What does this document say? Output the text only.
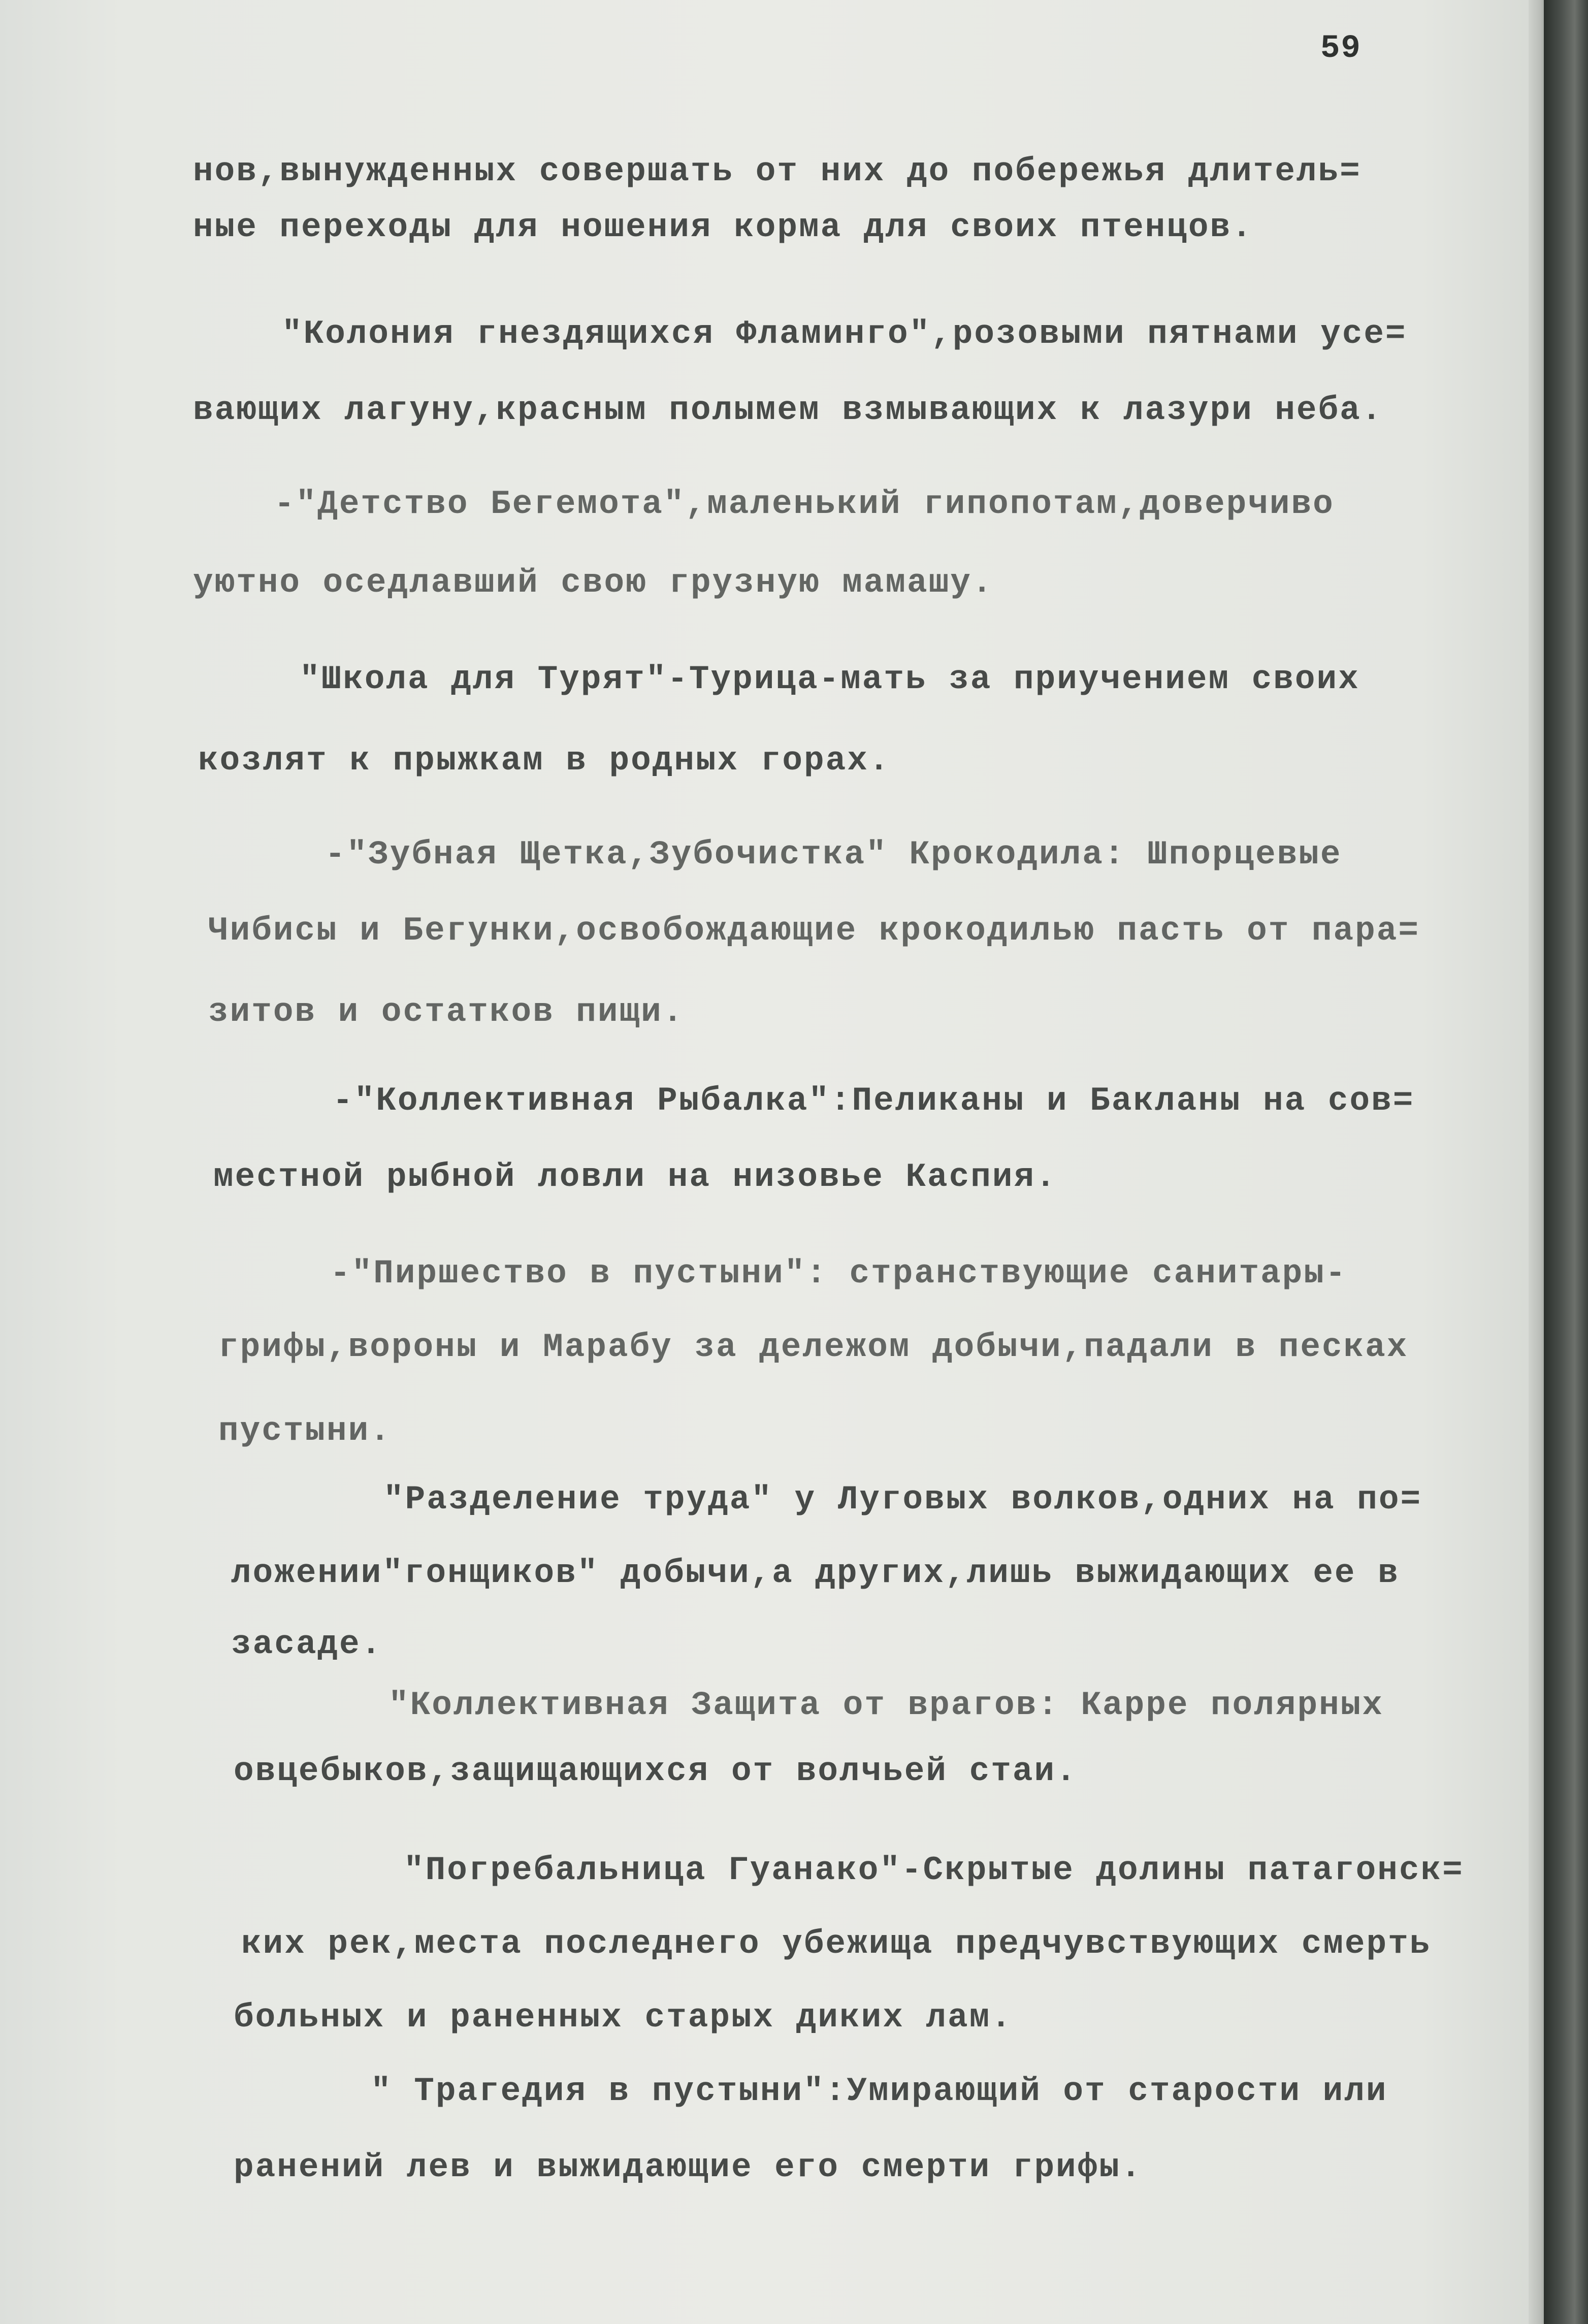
59
нов,вынужденных совершать от них до побережья длитель=
ные переходы для ношения корма для своих птенцов.
"Колония гнездящихся Фламинго",розовыми пятнами усе=
вающих лагуну,красным полымем взмывающих к лазури неба.
-"Детство Бегемота",маленький гипопотам,доверчиво
уютно оседлавший свою грузную мамашу.
"Школа для Турят"-Турица-мать за приучением своих
козлят к прыжкам в родных горах.
-"Зубная Щетка,Зубочистка" Крокодила: Шпорцевые
Чибисы и Бегунки,освобождающие крокодилью пасть от пара=
зитов и остатков пищи.
-"Коллективная Рыбалка":Пеликаны и Бакланы на сов=
местной рыбной ловли на низовье Каспия.
-"Пиршество в пустыни": странствующие санитары-
грифы,вороны и Марабу за дележом добычи,падали в песках
пустыни.
"Разделение труда" у Луговых волков,одних на по=
ложении"гонщиков" добычи,а других,лишь выжидающих ее в
засаде.
"Коллективная Защита от врагов: Карре полярных
овцебыков,защищающихся от волчьей стаи.
"Погребальница Гуанако"-Скрытые долины патагонск=
ких рек,места последнего убежища предчувствующих смерть
больных и раненных старых диких лам.
" Трагедия в пустыни":Умирающий от старости или
ранений лев и выжидающие его смерти грифы.
